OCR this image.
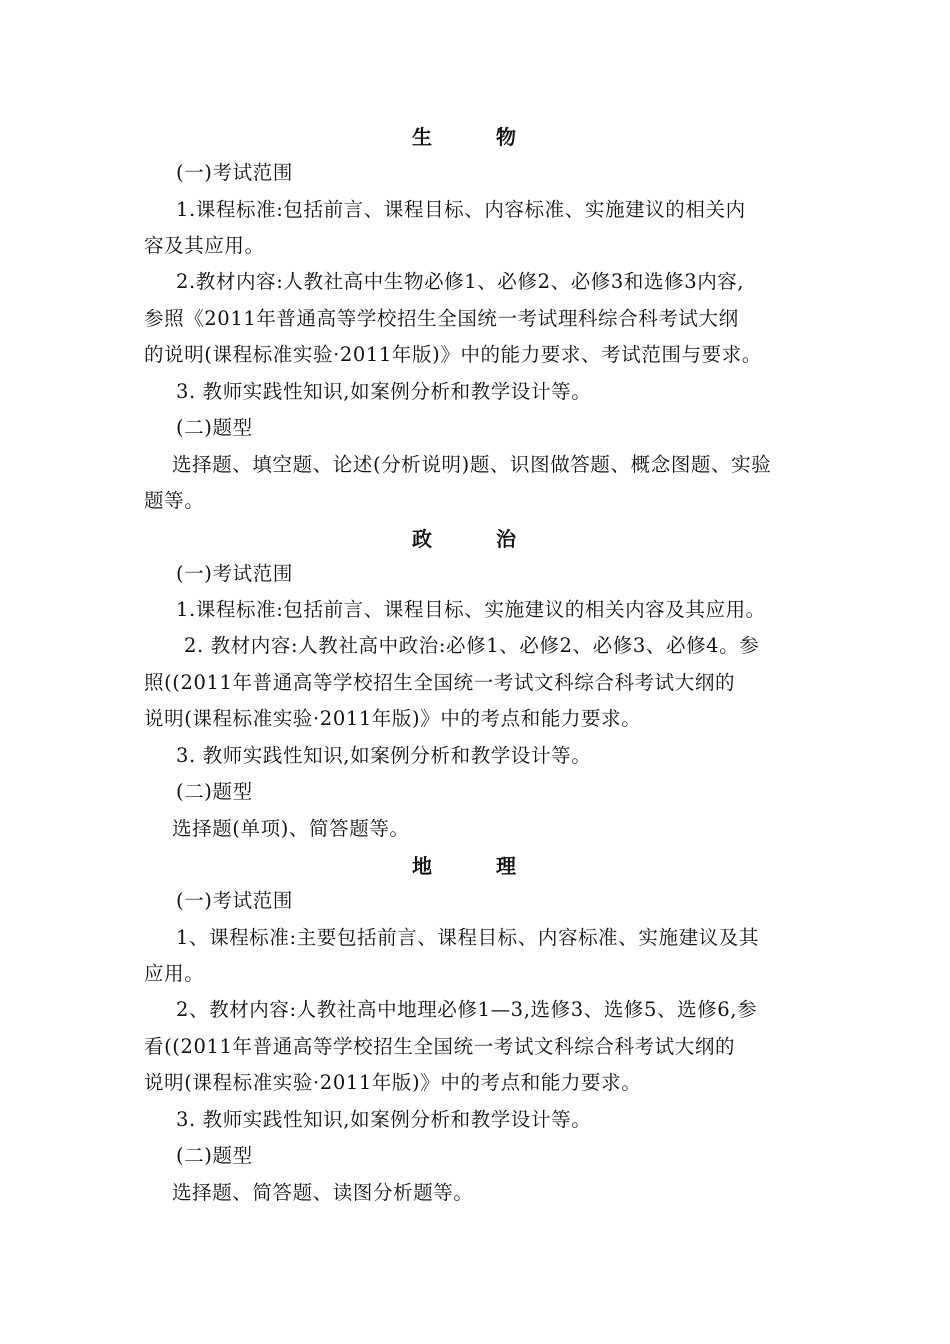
生　物
(一)考试范围
1.课程标准:包括前言、课程目标、内容标准、实施建议的相关内
容及其应用。
2.教材内容:人教社高中生物必修1、必修2、必修3和选修3内容,
参照《2011年普通高等学校招生全国统一考试理科综合科考试大纲
的说明(课程标准实验·2011年版)》中的能力要求、考试范围与要求。
3. 教师实践性知识,如案例分析和教学设计等。
(二)题型
选择题、填空题、论述(分析说明)题、识图做答题、概念图题、实验
题等。
政　治
(一)考试范围
1.课程标准:包括前言、课程目标、实施建议的相关内容及其应用。
2. 教材内容:人教社高中政治:必修1、必修2、必修3、必修4。参
照((2011年普通高等学校招生全国统一考试文科综合科考试大纲的
说明(课程标准实验·2011年版)》中的考点和能力要求。
3. 教师实践性知识,如案例分析和教学设计等。
(二)题型
选择题(单项)、简答题等。
地　理
(一)考试范围
1、课程标准:主要包括前言、课程目标、内容标准、实施建议及其
应用。
2、教材内容:人教社高中地理必修1—3,选修3、选修5、选修6,参
看((2011年普通高等学校招生全国统一考试文科综合科考试大纲的
说明(课程标准实验·2011年版)》中的考点和能力要求。
3. 教师实践性知识,如案例分析和教学设计等。
(二)题型
选择题、简答题、读图分析题等。
